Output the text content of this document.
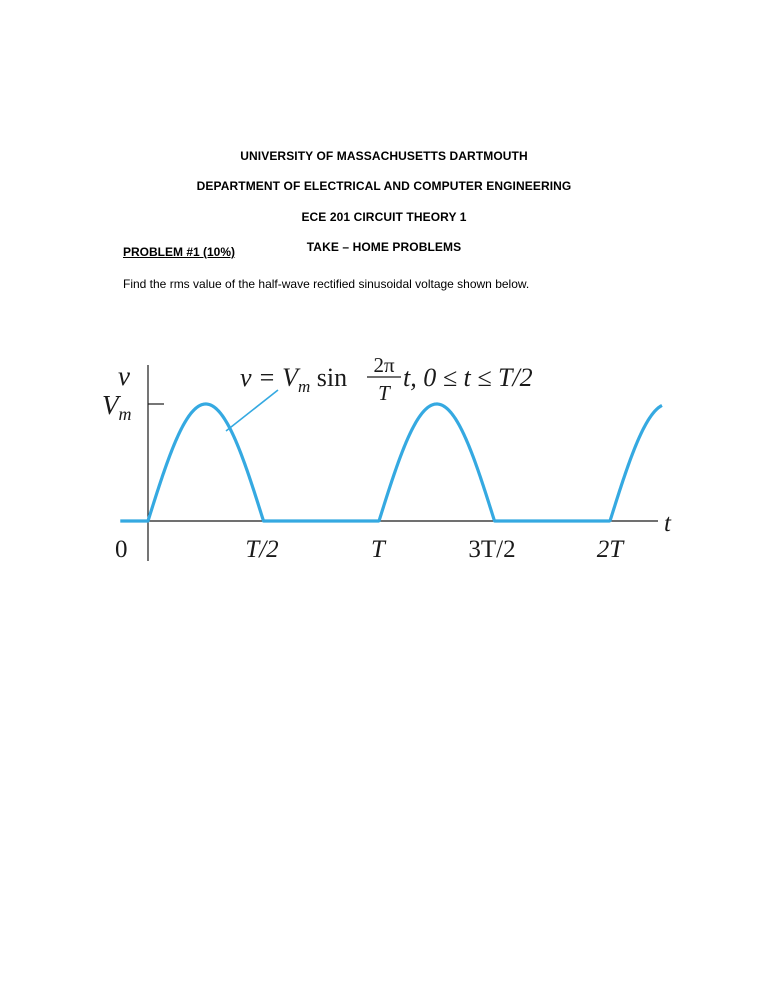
UNIVERSITY OF MASSACHUSETTS DARTMOUTH
DEPARTMENT OF ELECTRICAL AND COMPUTER ENGINEERING
ECE 201 CIRCUIT THEORY 1
TAKE – HOME PROBLEMS
PROBLEM #1 (10%)
Find the rms value of the half-wave rectified sinusoidal voltage shown below.
v
$V_m$
t
$v = V_m$ sin 2π
T
t, 0 ≤ t ≤ T/2
0	T/2	T	3T/2	2T
